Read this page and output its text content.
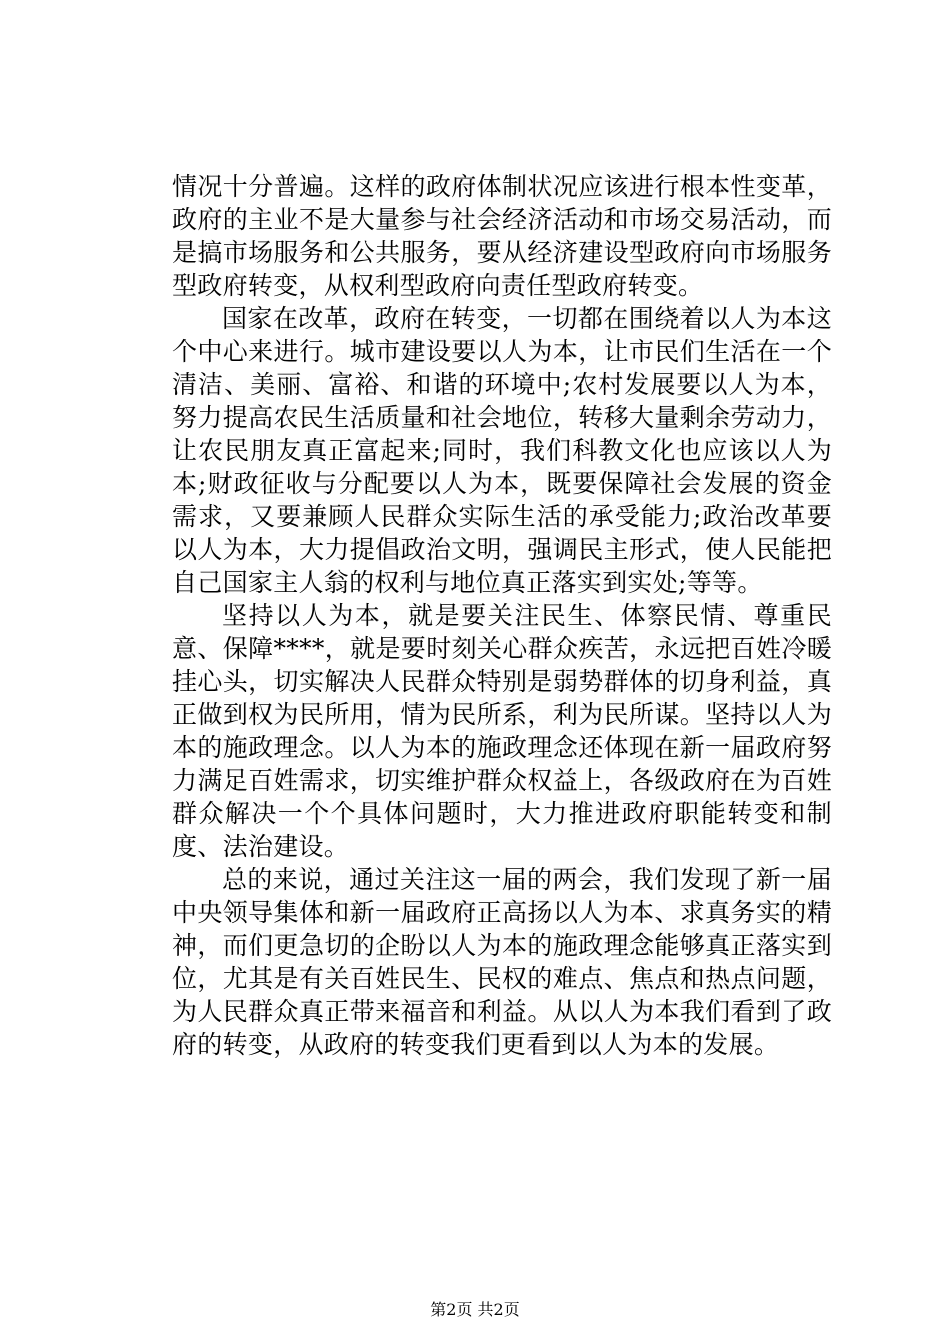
情况十分普遍。这样的政府体制状况应该进行根本性变革，政府的主业不是大量参与社会经济活动和市场交易活动，而是搞市场服务和公共服务，要从经济建设型政府向市场服务型政府转变，从权利型政府向责任型政府转变。

国家在改革，政府在转变，一切都在围绕着以人为本这个中心来进行。城市建设要以人为本，让市民们生活在一个清洁、美丽、富裕、和谐的环境中;农村发展要以人为本，努力提高农民生活质量和社会地位，转移大量剩余劳动力，让农民朋友真正富起来;同时，我们科教文化也应该以人为本;财政征收与分配要以人为本，既要保障社会发展的资金需求，又要兼顾人民群众实际生活的承受能力;政治改革要以人为本，大力提倡政治文明，强调民主形式，使人民能把自己国家主人翁的权利与地位真正落实到实处;等等。

坚持以人为本，就是要关注民生、体察民情、尊重民意、保障****，就是要时刻关心群众疾苦，永远把百姓冷暖挂心头，切实解决人民群众特别是弱势群体的切身利益，真正做到权为民所用，情为民所系，利为民所谋。坚持以人为本的施政理念。以人为本的施政理念还体现在新一届政府努力满足百姓需求，切实维护群众权益上，各级政府在为百姓群众解决一个个具体问题时，大力推进政府职能转变和制度、法治建设。

总的来说，通过关注这一届的两会，我们发现了新一届中央领导集体和新一届政府正高扬以人为本、求真务实的精神，而们更急切的企盼以人为本的施政理念能够真正落实到位，尤其是有关百姓民生、民权的难点、焦点和热点问题，为人民群众真正带来福音和利益。从以人为本我们看到了政府的转变，从政府的转变我们更看到以人为本的发展。

第2页 共2页
